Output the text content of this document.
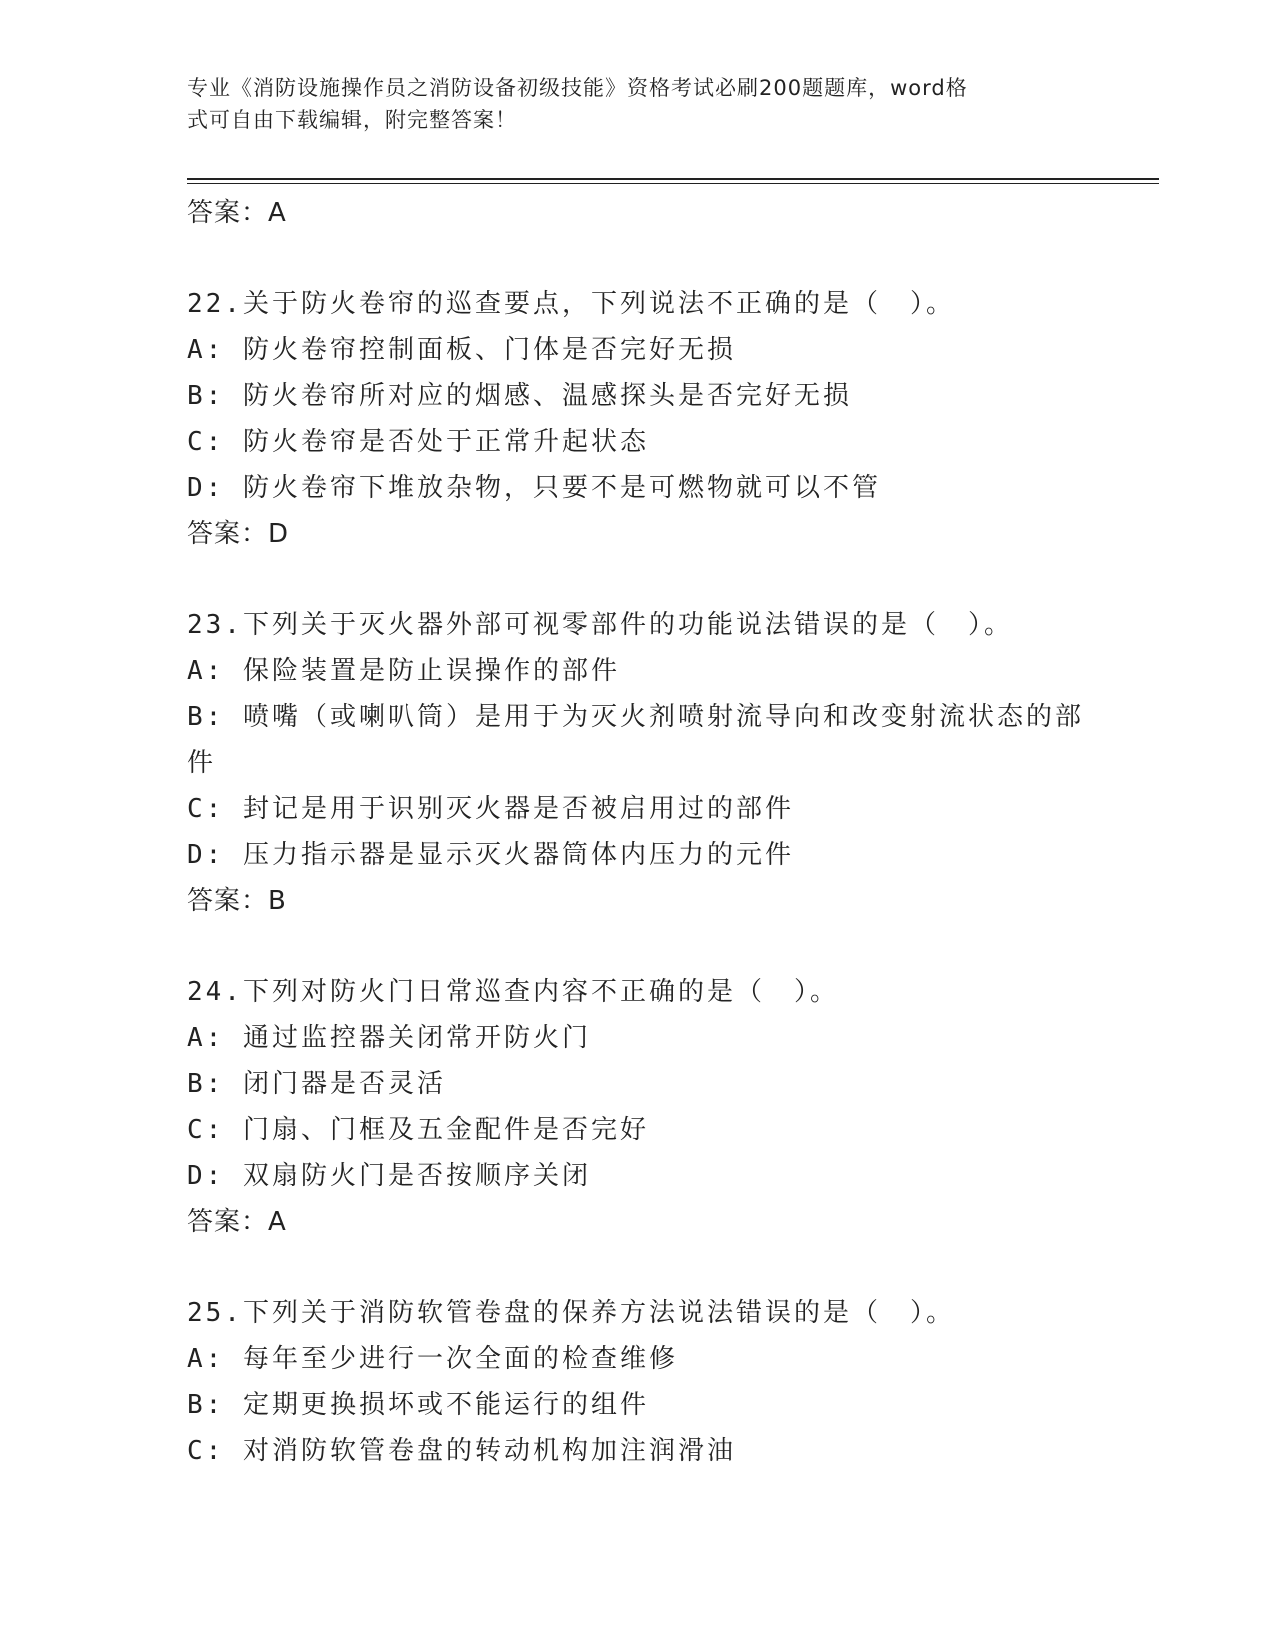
专业《消防设施操作员之消防设备初级技能》资格考试必刷200题题库，word格
式可自由下载编辑，附完整答案！
答案：A
22.关于防火卷帘的巡查要点，下列说法不正确的是（　）。
A: 防火卷帘控制面板、门体是否完好无损
B: 防火卷帘所对应的烟感、温感探头是否完好无损
C: 防火卷帘是否处于正常升起状态
D: 防火卷帘下堆放杂物，只要不是可燃物就可以不管
答案：D
23.下列关于灭火器外部可视零部件的功能说法错误的是（　）。
A: 保险装置是防止误操作的部件
B: 喷嘴（或喇叭筒）是用于为灭火剂喷射流导向和改变射流状态的部
件
C: 封记是用于识别灭火器是否被启用过的部件
D: 压力指示器是显示灭火器筒体内压力的元件
答案：B
24.下列对防火门日常巡查内容不正确的是（　）。
A: 通过监控器关闭常开防火门
B: 闭门器是否灵活
C: 门扇、门框及五金配件是否完好
D: 双扇防火门是否按顺序关闭
答案：A
25.下列关于消防软管卷盘的保养方法说法错误的是（　）。
A: 每年至少进行一次全面的检查维修
B: 定期更换损坏或不能运行的组件
C: 对消防软管卷盘的转动机构加注润滑油
